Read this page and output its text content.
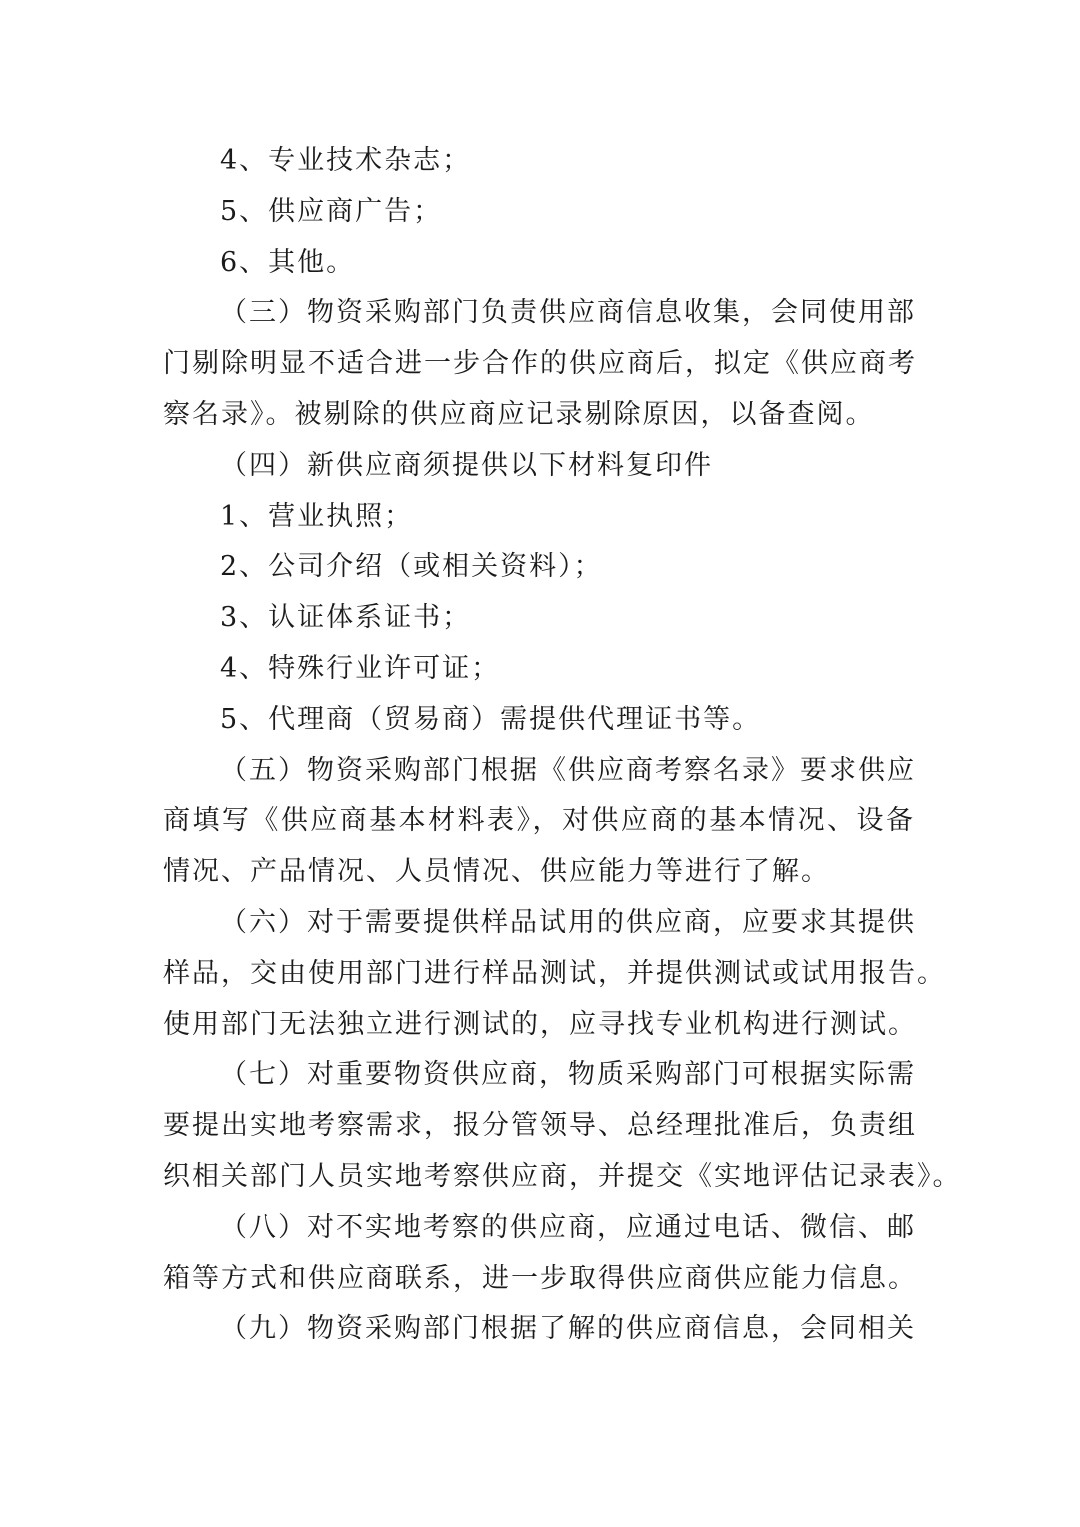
4、专业技术杂志；
5、供应商广告；
6、其他。
（三）物资采购部门负责供应商信息收集，会同使用部
门剔除明显不适合进一步合作的供应商后，拟定《供应商考
察名录》。被剔除的供应商应记录剔除原因，以备查阅。
（四）新供应商须提供以下材料复印件
1、营业执照；
2、公司介绍（或相关资料）；
3、认证体系证书；
4、特殊行业许可证；
5、代理商（贸易商）需提供代理证书等。
（五）物资采购部门根据《供应商考察名录》要求供应
商填写《供应商基本材料表》，对供应商的基本情况、设备
情况、产品情况、人员情况、供应能力等进行了解。
（六）对于需要提供样品试用的供应商，应要求其提供
样品，交由使用部门进行样品测试，并提供测试或试用报告。
使用部门无法独立进行测试的，应寻找专业机构进行测试。
（七）对重要物资供应商，物质采购部门可根据实际需
要提出实地考察需求，报分管领导、总经理批准后，负责组
织相关部门人员实地考察供应商，并提交《实地评估记录表》。
（八）对不实地考察的供应商，应通过电话、微信、邮
箱等方式和供应商联系，进一步取得供应商供应能力信息。
（九）物资采购部门根据了解的供应商信息，会同相关
